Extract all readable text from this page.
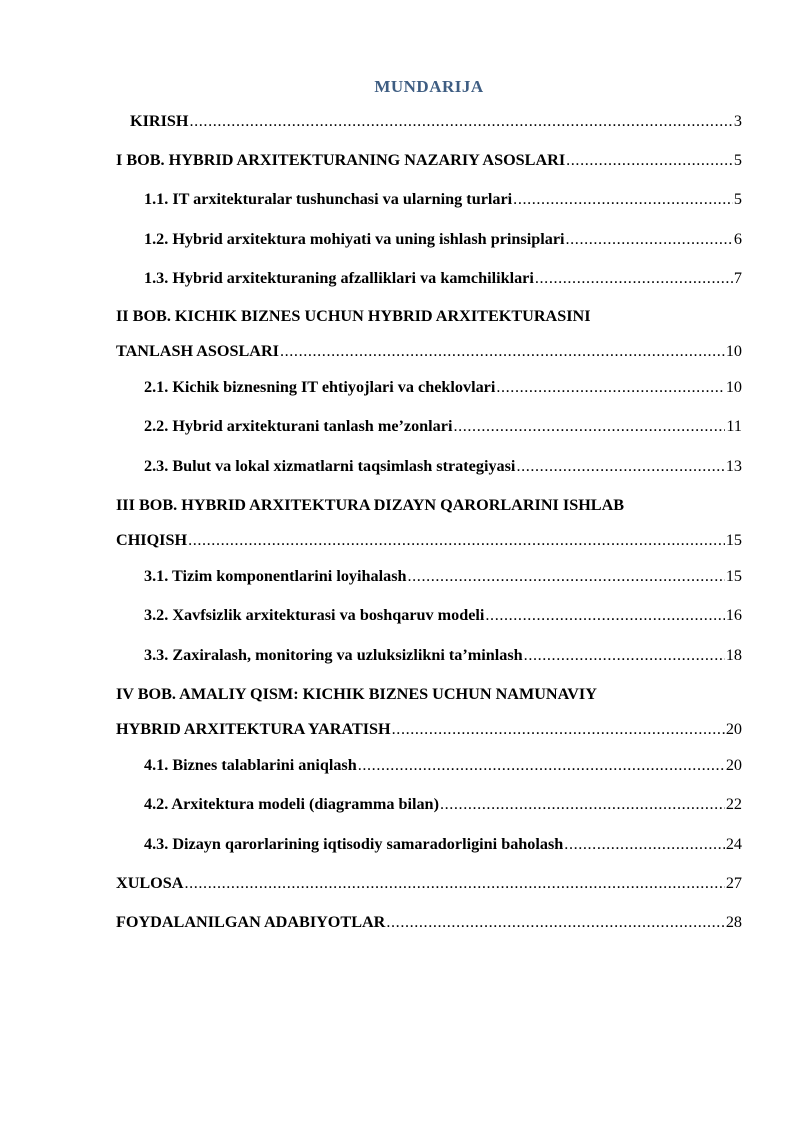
MUNDARIJA
KIRISH .....	3
I BOB. HYBRID ARXITEKTURANING NAZARIY ASOSLARI .....	5
1.1. IT arxitekturalar tushunchasi va ularning turlari .....	5
1.2. Hybrid arxitektura mohiyati va uning ishlash prinsiplari .....	6
1.3. Hybrid arxitekturaning afzalliklari va kamchiliklari .....	7
II BOB. KICHIK BIZNES UCHUN HYBRID ARXITEKTURASINI
TANLASH ASOSLARI .....	10
2.1. Kichik biznesning IT ehtiyojlari va cheklovlari .....	10
2.2. Hybrid arxitekturani tanlash me’zonlari .....	11
2.3. Bulut va lokal xizmatlarni taqsimlash strategiyasi .....	13
III BOB. HYBRID ARXITEKTURA DIZAYN QARORLARINI ISHLAB
CHIQISH .....	15
3.1. Tizim komponentlarini loyihalash .....	15
3.2. Xavfsizlik arxitekturasi va boshqaruv modeli .....	16
3.3. Zaxiralash, monitoring va uzluksizlikni ta’minlash .....	18
IV BOB. AMALIY QISM: KICHIK BIZNES UCHUN NAMUNAVIY
HYBRID ARXITEKTURA YARATISH .....	20
4.1. Biznes talablarini aniqlash .....	20
4.2. Arxitektura modeli (diagramma bilan) .....	22
4.3. Dizayn qarorlarining iqtisodiy samaradorligini baholash .....	24
XULOSA .....	27
FOYDALANILGAN ADABIYOTLAR .....	28
